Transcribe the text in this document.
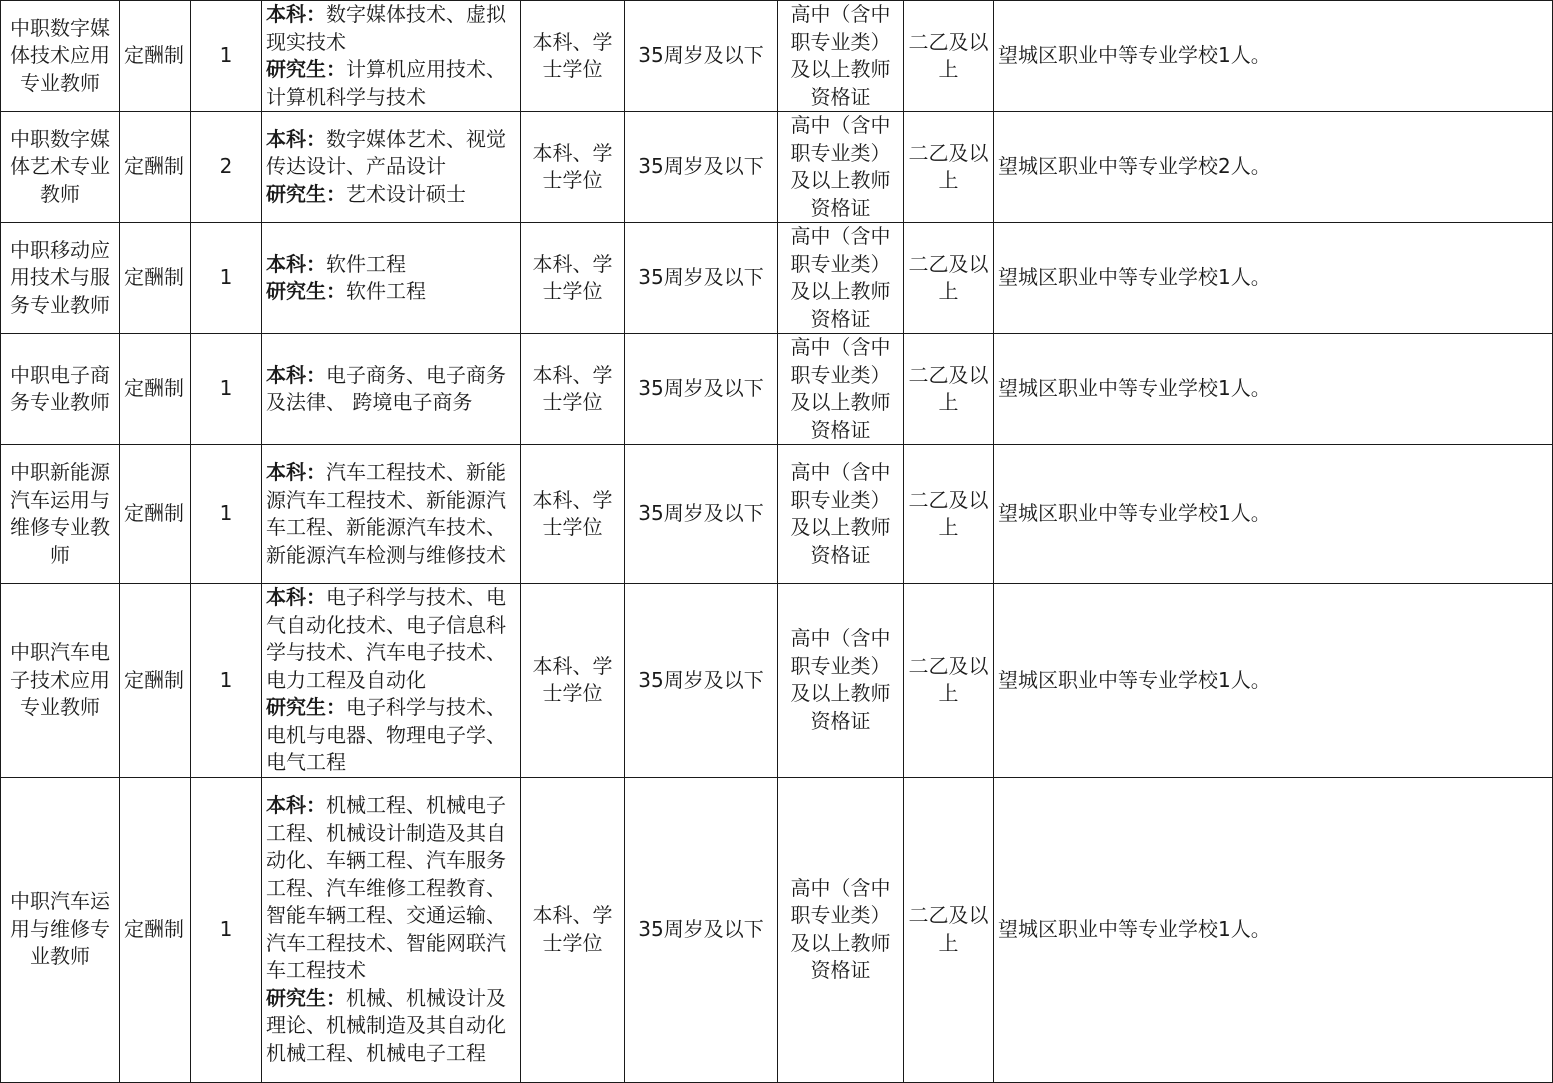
中职数字媒体技术应用专业教师	定酬制	1	本科：数字媒体技术、虚拟现实技术
研究生：计算机应用技术、计算机科学与技术	本科、学士学位	35周岁及以下	高中（含中职专业类）及以上教师资格证	二乙及以上	望城区职业中等专业学校1人。
中职数字媒体艺术专业教师	定酬制	2	本科：数字媒体艺术、视觉传达设计、产品设计
研究生：艺术设计硕士	本科、学士学位	35周岁及以下	高中（含中职专业类）及以上教师资格证	二乙及以上	望城区职业中等专业学校2人。
中职移动应用技术与服务专业教师	定酬制	1	本科：软件工程
研究生：软件工程	本科、学士学位	35周岁及以下	高中（含中职专业类）及以上教师资格证	二乙及以上	望城区职业中等专业学校1人。
中职电子商务专业教师	定酬制	1	本科：电子商务、电子商务及法律、 跨境电子商务	本科、学士学位	35周岁及以下	高中（含中职专业类）及以上教师资格证	二乙及以上	望城区职业中等专业学校1人。
中职新能源汽车运用与维修专业教师	定酬制	1	本科：汽车工程技术、新能源汽车工程技术、新能源汽车工程、新能源汽车技术、新能源汽车检测与维修技术	本科、学士学位	35周岁及以下	高中（含中职专业类）及以上教师资格证	二乙及以上	望城区职业中等专业学校1人。
中职汽车电子技术应用专业教师	定酬制	1	本科：电子科学与技术、电气自动化技术、电子信息科学与技术、汽车电子技术、电力工程及自动化
研究生：电子科学与技术、电机与电器、物理电子学、电气工程	本科、学士学位	35周岁及以下	高中（含中职专业类）及以上教师资格证	二乙及以上	望城区职业中等专业学校1人。
中职汽车运用与维修专业教师	定酬制	1	本科：机械工程、机械电子工程、机械设计制造及其自动化、车辆工程、汽车服务工程、汽车维修工程教育、智能车辆工程、交通运输、汽车工程技术、智能网联汽车工程技术
研究生：机械、机械设计及理论、机械制造及其自动化机械工程、机械电子工程	本科、学士学位	35周岁及以下	高中（含中职专业类）及以上教师资格证	二乙及以上	望城区职业中等专业学校1人。
